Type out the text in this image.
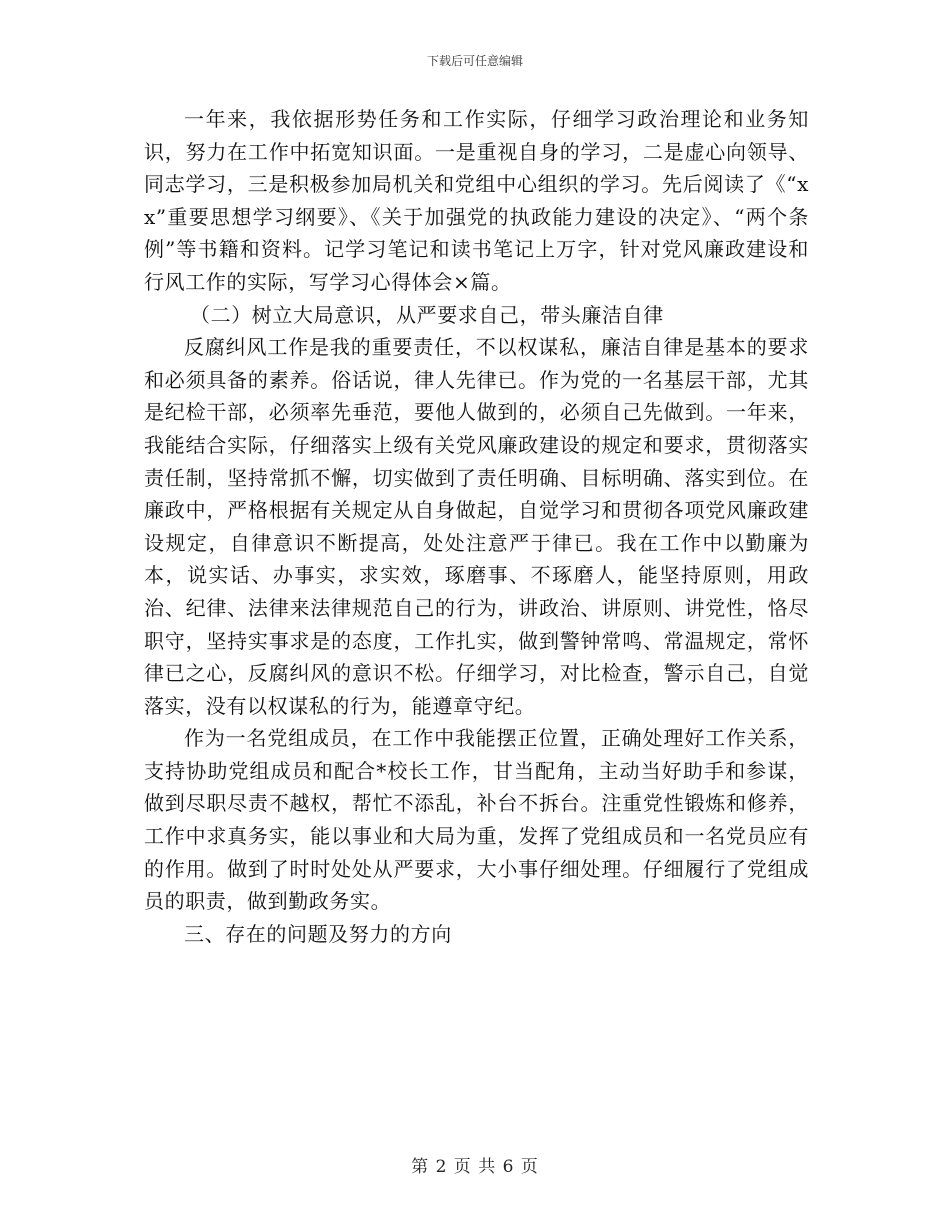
下载后可任意编辑

一年来，我依据形势任务和工作实际，仔细学习政治理论和业务知识，努力在工作中拓宽知识面。一是重视自身的学习，二是虚心向领导、同志学习，三是积极参加局机关和党组中心组织的学习。先后阅读了《“xx”重要思想学习纲要》、《关于加强党的执政能力建设的决定》、“两个条例”等书籍和资料。记学习笔记和读书笔记上万字，针对党风廉政建设和行风工作的实际，写学习心得体会×篇。

（二）树立大局意识，从严要求自己，带头廉洁自律

反腐纠风工作是我的重要责任，不以权谋私，廉洁自律是基本的要求和必须具备的素养。俗话说，律人先律已。作为党的一名基层干部，尤其是纪检干部，必须率先垂范，要他人做到的，必须自己先做到。一年来，我能结合实际，仔细落实上级有关党风廉政建设的规定和要求，贯彻落实责任制，坚持常抓不懈，切实做到了责任明确、目标明确、落实到位。在廉政中，严格根据有关规定从自身做起，自觉学习和贯彻各项党风廉政建设规定，自律意识不断提高，处处注意严于律已。我在工作中以勤廉为本，说实话、办事实，求实效，琢磨事、不琢磨人，能坚持原则，用政治、纪律、法律来法律规范自己的行为，讲政治、讲原则、讲党性，恪尽职守，坚持实事求是的态度，工作扎实，做到警钟常鸣、常温规定，常怀律已之心，反腐纠风的意识不松。仔细学习，对比检查，警示自己，自觉落实，没有以权谋私的行为，能遵章守纪。

作为一名党组成员，在工作中我能摆正位置，正确处理好工作关系，支持协助党组成员和配合*校长工作，甘当配角，主动当好助手和参谋，做到尽职尽责不越权，帮忙不添乱，补台不拆台。注重党性锻炼和修养，工作中求真务实，能以事业和大局为重，发挥了党组成员和一名党员应有的作用。做到了时时处处从严要求，大小事仔细处理。仔细履行了党组成员的职责，做到勤政务实。

三、存在的问题及努力的方向

第 2 页 共 6 页
